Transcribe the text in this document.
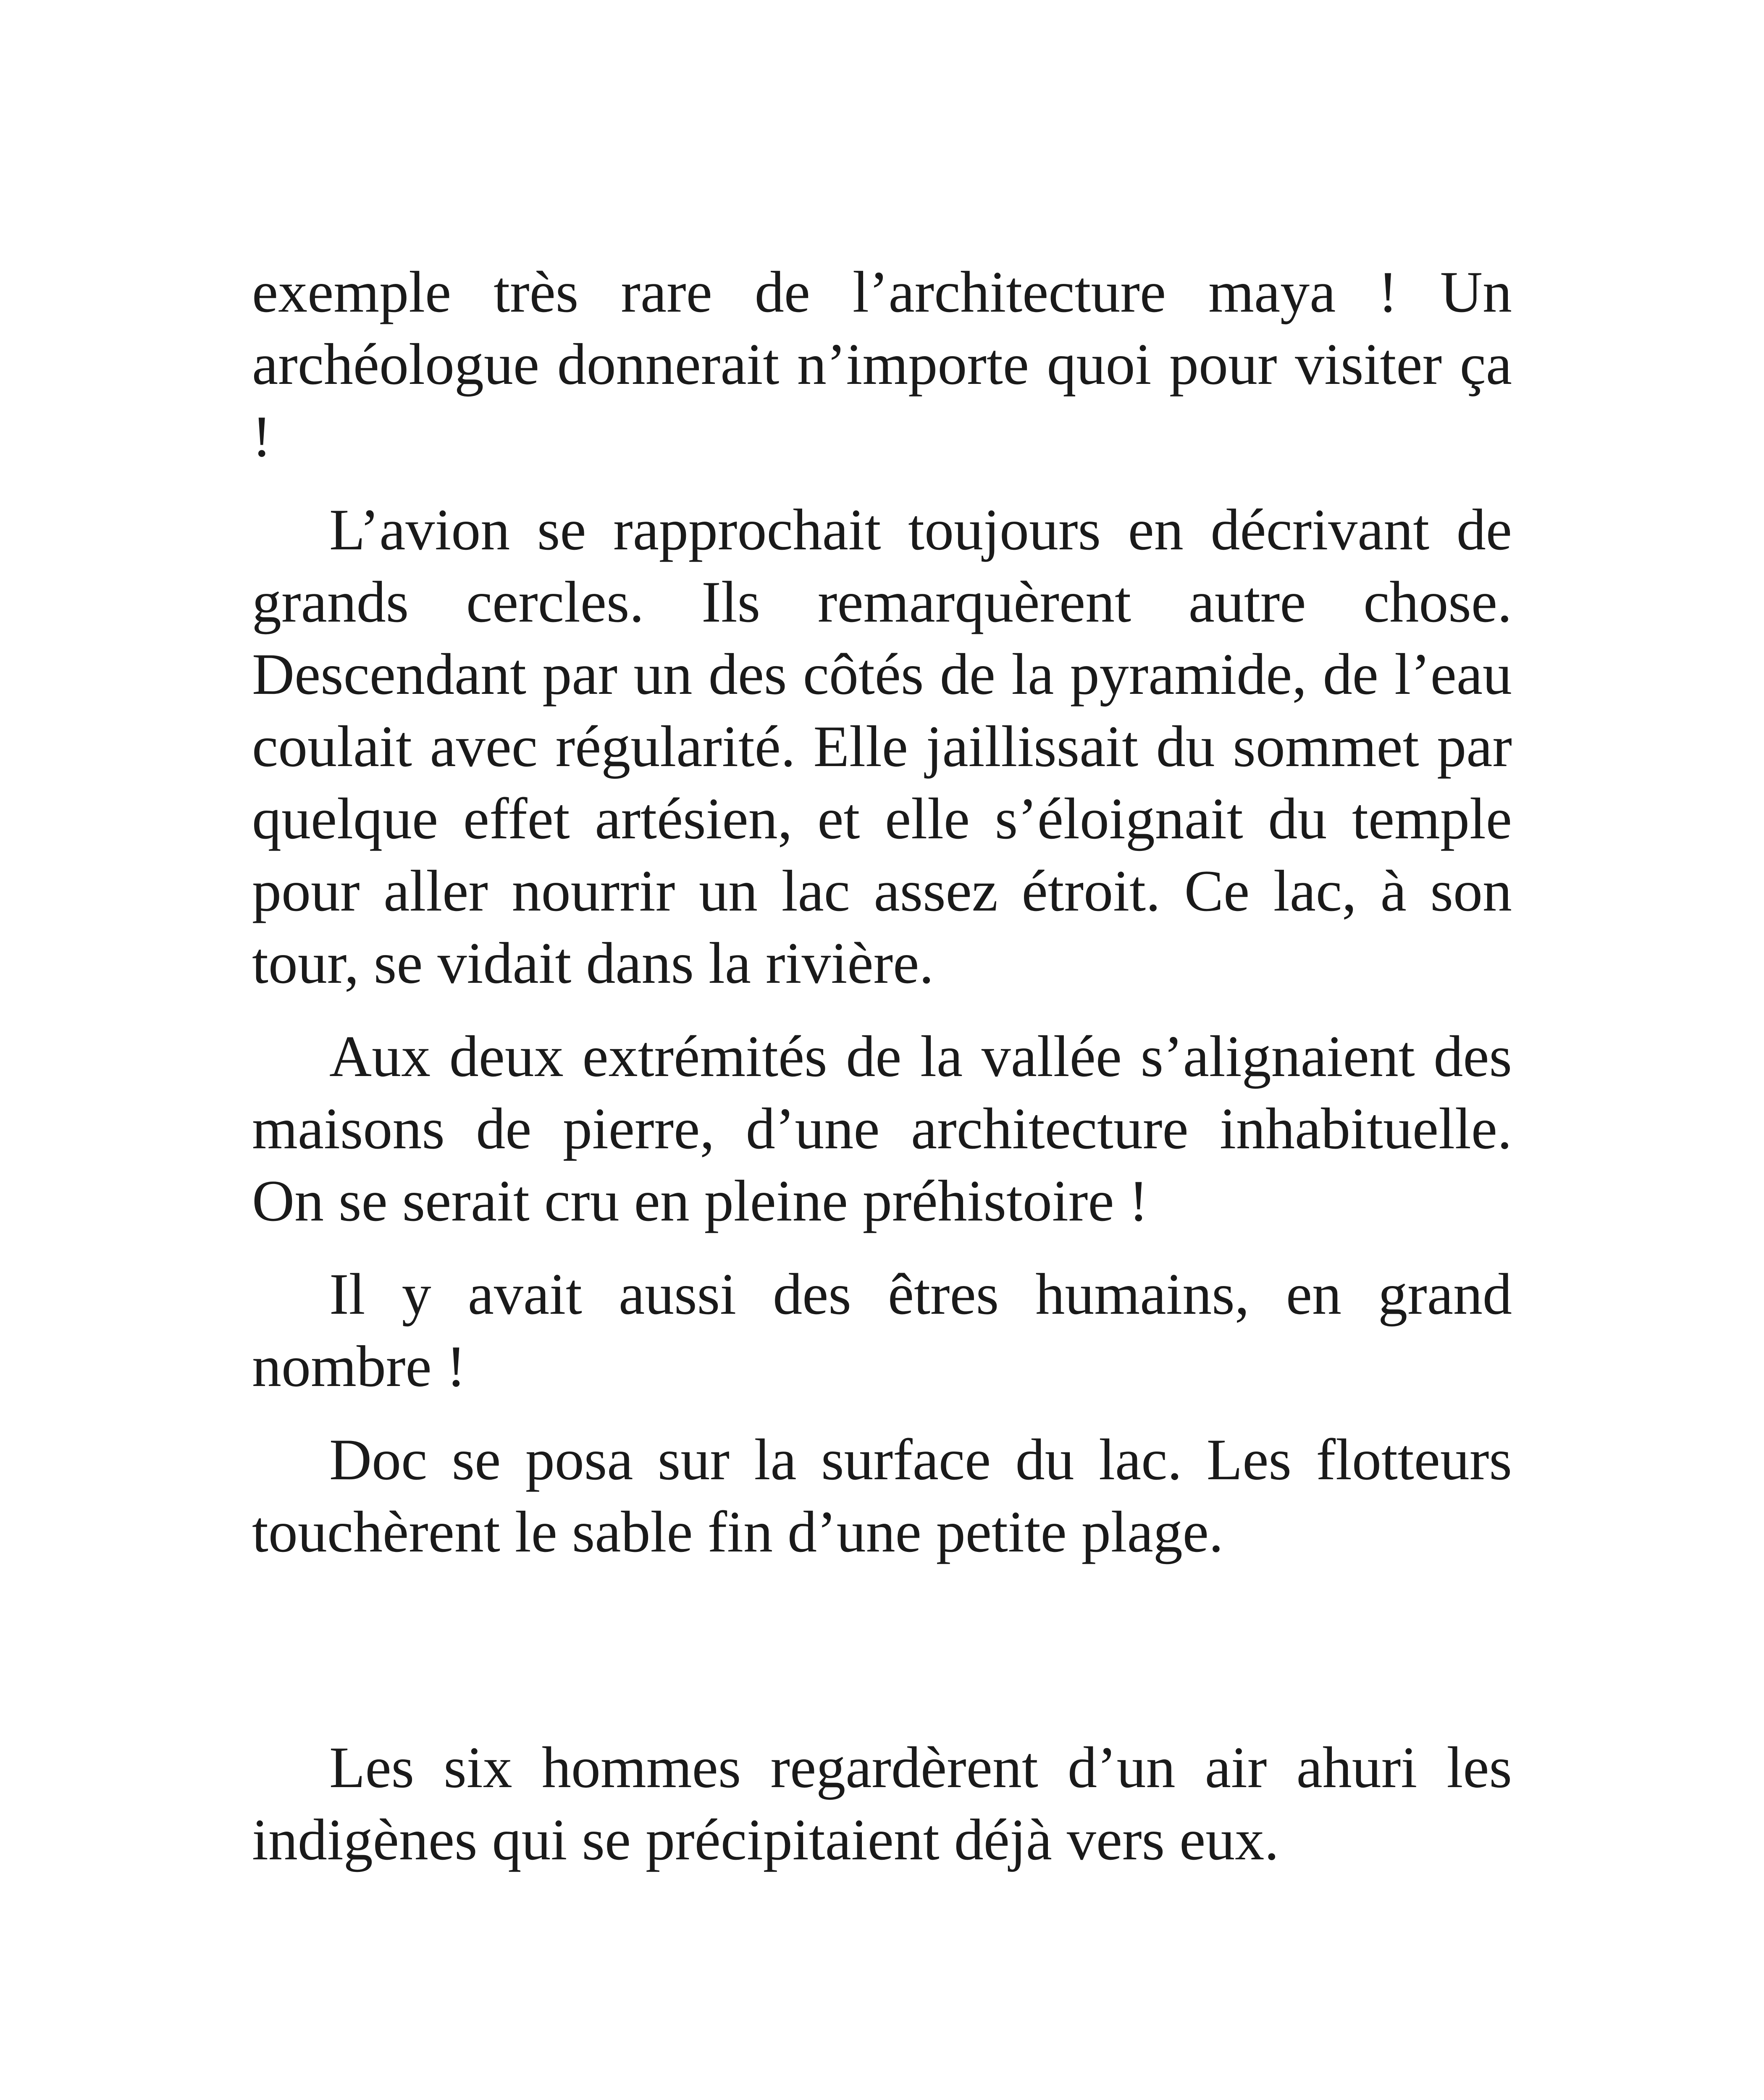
exemple très rare de l’architecture maya ! Un archéologue donnerait n’importe quoi pour visiter ça !

L’avion se rapprochait toujours en décrivant de grands cercles. Ils remarquèrent autre chose. Descendant par un des côtés de la pyramide, de l’eau coulait avec régularité. Elle jaillissait du sommet par quelque effet artésien, et elle s’éloignait du temple pour aller nourrir un lac assez étroit. Ce lac, à son tour, se vidait dans la rivière.

Aux deux extrémités de la vallée s’alignaient des maisons de pierre, d’une architecture inhabituelle. On se serait cru en pleine préhistoire !

Il y avait aussi des êtres humains, en grand nombre !

Doc se posa sur la surface du lac. Les flotteurs touchèrent le sable fin d’une petite plage.

Les six hommes regardèrent d’un air ahuri les indigènes qui se précipitaient déjà vers eux.
